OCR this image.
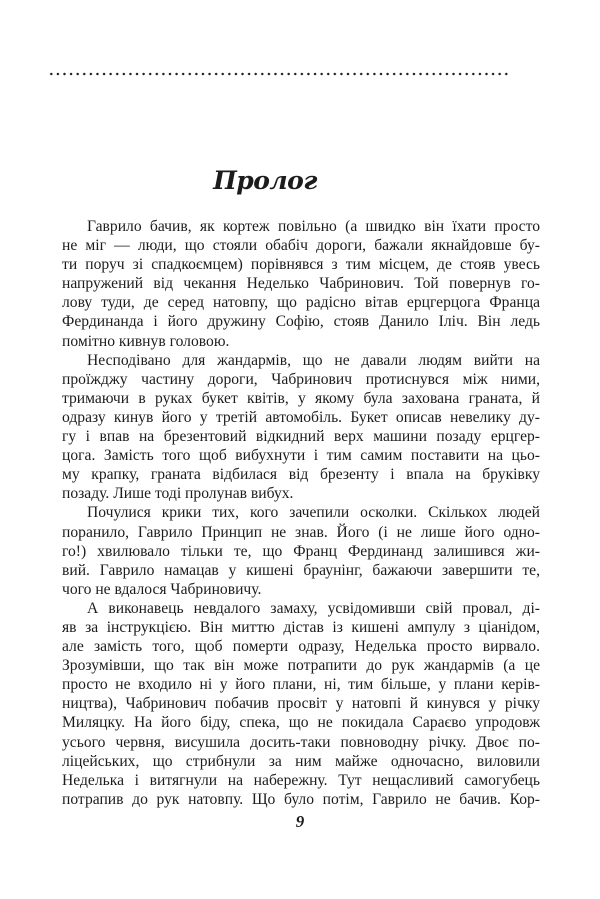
Пролог
Гаврило бачив, як кортеж повільно (а швидко він їхати просто
не міг — люди, що стояли обабіч дороги, бажали якнайдовше бу-
ти поруч зі спадкоємцем) порівнявся з тим місцем, де стояв увесь
напружений від чекання Неделько Чабринович. Той повернув го-
лову туди, де серед натовпу, що радісно вітав ерцгерцога Франца
Фердинанда і його дружину Софію, стояв Данило Іліч. Він ледь
помітно кивнув головою.
Несподівано для жандармів, що не давали людям вийти на
проїжджу частину дороги, Чабринович протиснувся між ними,
тримаючи в руках букет квітів, у якому була захована граната, й
одразу кинув його у третій автомобіль. Букет описав невелику ду-
гу і впав на брезентовий відкидний верх машини позаду ерцгер-
цога. Замість того щоб вибухнути і тим самим поставити на цьо-
му крапку, граната відбилася від брезенту і впала на бруківку
позаду. Лише тоді пролунав вибух.
Почулися крики тих, кого зачепили осколки. Скількох людей
поранило, Гаврило Принцип не знав. Його (і не лише його одно-
го!) хвилювало тільки те, що Франц Фердинанд залишився жи-
вий. Гаврило намацав у кишені браунінг, бажаючи завершити те,
чого не вдалося Чабриновичу.
А виконавець невдалого замаху, усвідомивши свій провал, ді-
яв за інструкцією. Він миттю дістав із кишені ампулу з ціанідом,
але замість того, щоб померти одразу, Неделька просто вирвало.
Зрозумівши, що так він може потрапити до рук жандармів (а це
просто не входило ні у його плани, ні, тим більше, у плани керів-
ництва), Чабринович побачив просвіт у натовпі й кинувся у річку
Миляцку. На його біду, спека, що не покидала Сараєво упродовж
усього червня, висушила досить-таки повноводну річку. Двоє по-
ліцейських, що стрибнули за ним майже одночасно, виловили
Неделька і витягнули на набережну. Тут нещасливий самогубець
потрапив до рук натовпу. Що було потім, Гаврило не бачив. Кор-
9
